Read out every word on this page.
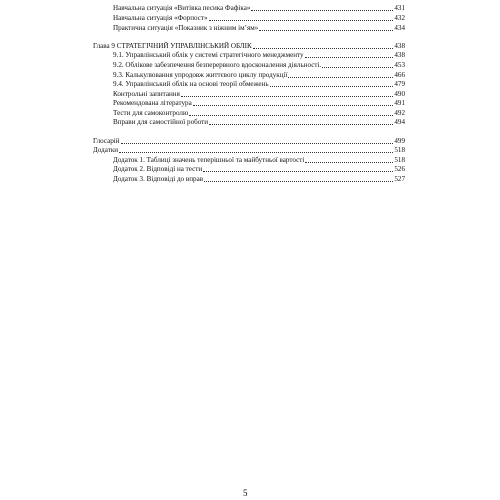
Навчальна ситуація «Витівка песика Фафіка»	431
Навчальна ситуація «Форпост»	432
Практична ситуація «Показник з ніжним ім’ям»	434
Глава 9 СТРАТЕГІЧНИЙ УПРАВЛІНСЬКИЙ ОБЛІК	438
9.1. Управлінський облік у системі стратегічного менеджменту	438
9.2. Облікове забезпечення безперервного вдосконалення діяльності.	453
9.3. Калькулювання упродовж життєвого циклу продукції	466
9.4. Управлінський облік на основі теорії обмежень	479
Контрольні запитання	490
Рекомендована література	491
Тести для самоконтролю	492
Вправи для самостійної роботи	494
Глосарій	499
Додатки	518
Додаток 1. Таблиці значень теперішньої та майбутньої вартості	518
Додаток 2. Відповіді на тести	526
Додаток 3. Відповіді до вправ	527
5
